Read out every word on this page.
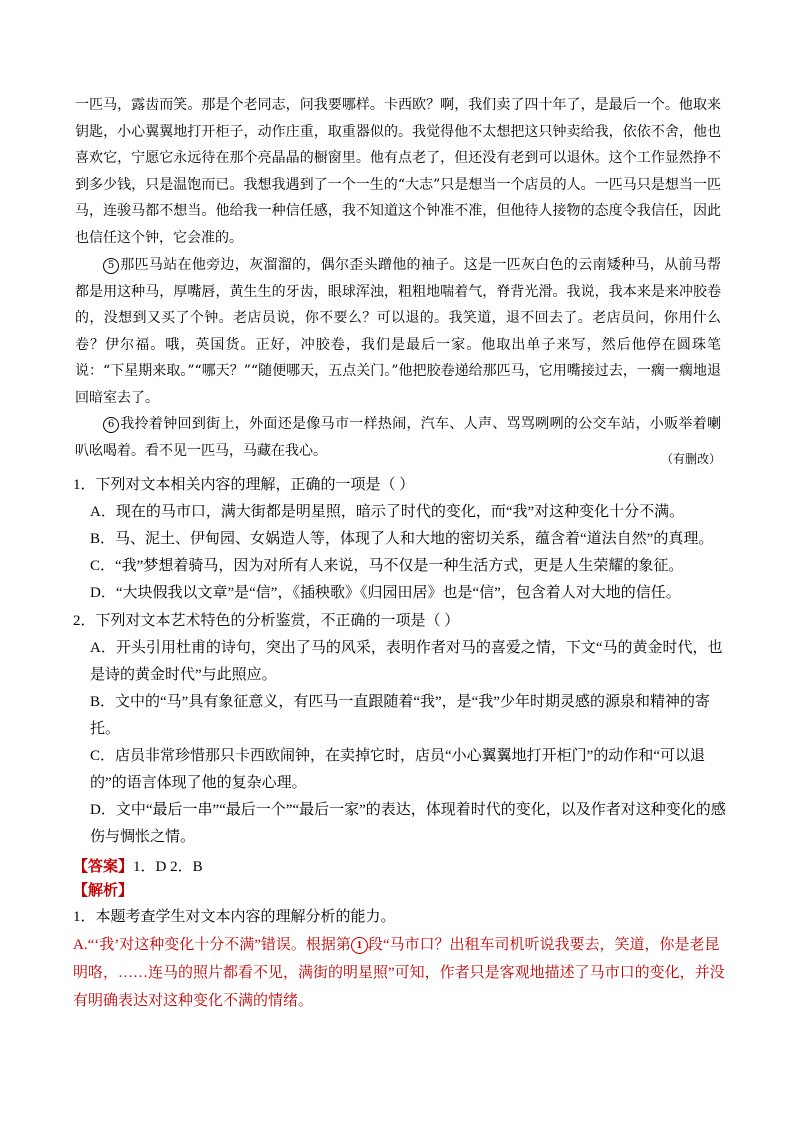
一匹马，露齿而笑。那是个老同志，问我要哪样。卡西欧？啊，我们卖了四十年了，是最后一个。他取来钥匙，小心翼翼地打开柜子，动作庄重，取重器似的。我觉得他不太想把这只钟卖给我，依依不舍，他也喜欢它，宁愿它永远待在那个亮晶晶的橱窗里。他有点老了，但还没有老到可以退休。这个工作显然挣不到多少钱，只是温饱而已。我想我遇到了一个一生的“大志”只是想当一个店员的人。一匹马只是想当一匹马，连骏马都不想当。他给我一种信任感，我不知道这个钟准不准，但他待人接物的态度令我信任，因此也信任这个钟，它会准的。
5 那匹马站在他旁边，灰溜溜的，偶尔歪头蹭他的袖子。这是一匹灰白色的云南矮种马，从前马帮都是用这种马，厚嘴唇，黄生生的牙齿，眼球浑浊，粗粗地喘着气，脊背光滑。我说，我本来是来冲胶卷的，没想到又买了个钟。老店员说，你不要么？可以退的。我笑道，退不回去了。老店员问，你用什么卷？伊尔福。哦，英国货。正好，冲胶卷，我们是最后一家。他取出单子来写，然后他停在圆珠笔说：“下星期来取。”“哪天？”“随便哪天，五点关门。”他把胶卷递给那匹马，它用嘴接过去，一瘸一瘸地退回暗室去了。
6 我拎着钟回到街上，外面还是像马市一样热闹，汽车、人声、骂骂咧咧的公交车站，小贩举着喇叭吆喝着。看不见一匹马，马藏在我心。
（有删改）
1．下列对文本相关内容的理解，正确的一项是（ ）
A．现在的马市口，满大街都是明星照，暗示了时代的变化，而“我”对这种变化十分不满。
B．马、泥土、伊甸园、女娲造人等，体现了人和大地的密切关系，蕴含着“道法自然”的真理。
C．“我”梦想着骑马，因为对所有人来说，马不仅是一种生活方式，更是人生荣耀的象征。
D．“大块假我以文章”是“信”，《插秧歌》《归园田居》也是“信”，包含着人对大地的信任。
2．下列对文本艺术特色的分析鉴赏，不正确的一项是（ ）
A．开头引用杜甫的诗句，突出了马的风采，表明作者对马的喜爱之情，下文“马的黄金时代，也是诗的黄金时代”与此照应。
B．文中的“马”具有象征意义，有匹马一直跟随着“我”，是“我”少年时期灵感的源泉和精神的寄托。
C．店员非常珍惜那只卡西欧闹钟，在卖掉它时，店员“小心翼翼地打开柜门”的动作和“可以退的”的语言体现了他的复杂心理。
D．文中“最后一串”“最后一个”“最后一家”的表达，体现着时代的变化，以及作者对这种变化的感伤与惆怅之情。
【答案】1．D 2．B
【解析】
1．本题考查学生对文本内容的理解分析的能力。
A.“‘我’对这种变化十分不满”错误。根据第 1 段“马市口？出租车司机听说我要去，笑道，你是老昆明咯，……连马的照片都看不见，满街的明星照”可知，作者只是客观地描述了马市口的变化，并没有明确表达对这种变化不满的情绪。
